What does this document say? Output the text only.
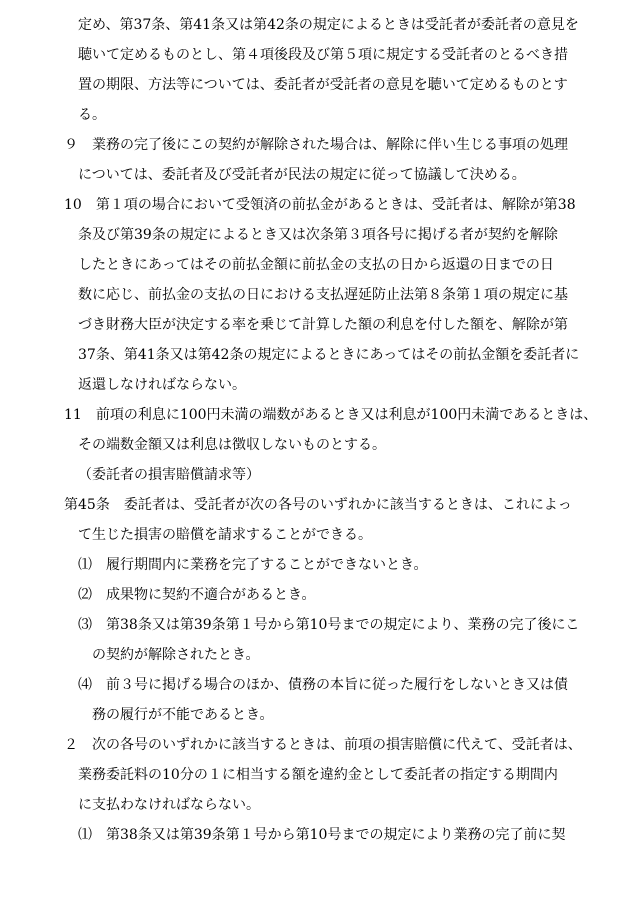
定め、第37条、第41条又は第42条の規定によるときは受託者が委託者の意見を
聴いて定めるものとし、第４項後段及び第５項に規定する受託者のとるべき措
置の期限、方法等については、委託者が受託者の意見を聴いて定めるものとす
る。
９　業務の完了後にこの契約が解除された場合は、解除に伴い生じる事項の処理
については、委託者及び受託者が民法の規定に従って協議して決める。
10　第１項の場合において受領済の前払金があるときは、受託者は、解除が第38
条及び第39条の規定によるとき又は次条第３項各号に掲げる者が契約を解除
したときにあってはその前払金額に前払金の支払の日から返還の日までの日
数に応じ、前払金の支払の日における支払遅延防止法第８条第１項の規定に基
づき財務大臣が決定する率を乗じて計算した額の利息を付した額を、解除が第
37条、第41条又は第42条の規定によるときにあってはその前払金額を委託者に
返還しなければならない。
11　前項の利息に100円未満の端数があるとき又は利息が100円未満であるときは、
その端数金額又は利息は徴収しないものとする。
（委託者の損害賠償請求等）
第45条　委託者は、受託者が次の各号のいずれかに該当するときは、これによっ
て生じた損害の賠償を請求することができる。
⑴　履行期間内に業務を完了することができないとき。
⑵　成果物に契約不適合があるとき。
⑶　第38条又は第39条第１号から第10号までの規定により、業務の完了後にこ
の契約が解除されたとき。
⑷　前３号に掲げる場合のほか、債務の本旨に従った履行をしないとき又は債
務の履行が不能であるとき。
２　次の各号のいずれかに該当するときは、前項の損害賠償に代えて、受託者は、
業務委託料の10分の１に相当する額を違約金として委託者の指定する期間内
に支払わなければならない。
⑴　第38条又は第39条第１号から第10号までの規定により業務の完了前に契
